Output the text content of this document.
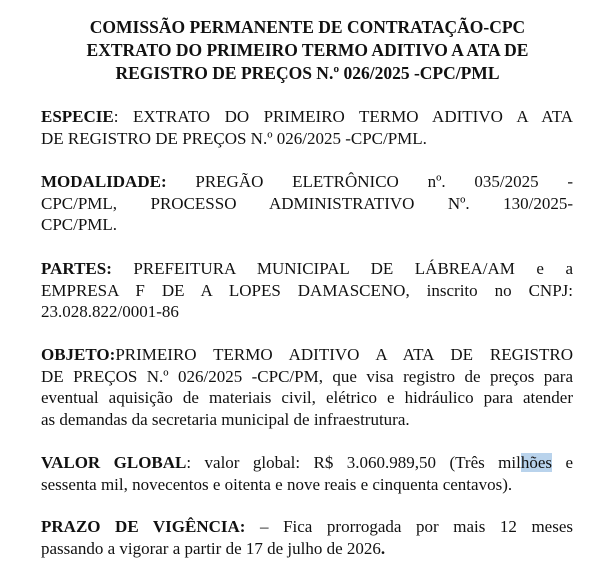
COMISSÃO PERMANENTE DE CONTRATAÇÃO-CPC
EXTRATO DO PRIMEIRO TERMO ADITIVO A ATA DE
REGISTRO DE PREÇOS N.º 026/2025 -CPC/PML
ESPECIE: EXTRATO DO PRIMEIRO TERMO ADITIVO A ATA
DE REGISTRO DE PREÇOS N.º 026/2025 -CPC/PML.
MODALIDADE: PREGÃO ELETRÔNICO nº. 035/2025 -
CPC/PML, PROCESSO ADMINISTRATIVO Nº. 130/2025-
CPC/PML.
PARTES: PREFEITURA MUNICIPAL DE LÁBREA/AM e a
EMPRESA F DE A LOPES DAMASCENO, inscrito no CNPJ:
23.028.822/0001-86
OBJETO:PRIMEIRO TERMO ADITIVO A ATA DE REGISTRO
DE PREÇOS N.º 026/2025 -CPC/PM, que visa registro de preços para
eventual aquisição de materiais civil, elétrico e hidráulico para atender
as demandas da secretaria municipal de infraestrutura.
VALOR GLOBAL: valor global: R$ 3.060.989,50 (Três milhões e
sessenta mil, novecentos e oitenta e nove reais e cinquenta centavos).
PRAZO DE VIGÊNCIA: – Fica prorrogada por mais 12 meses
passando a vigorar a partir de 17 de julho de 2026.
